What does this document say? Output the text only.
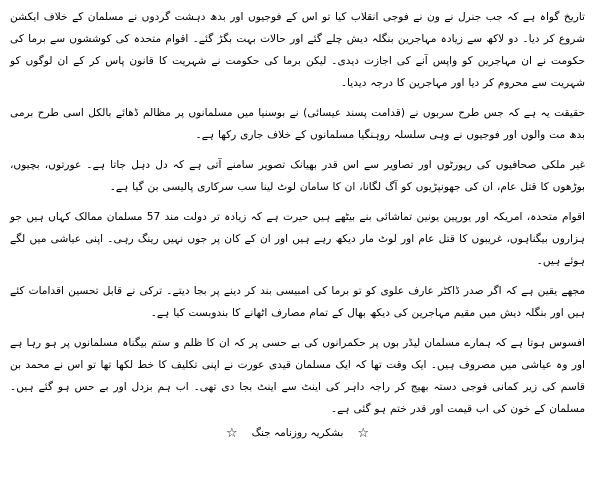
تاریخ گواہ ہے کہ جب جنرل نے ون نے فوجی انقلاب کیا تو اس کے فوجیوں اور بدھ دہشت گردوں نے مسلمان کے خلاف ایکشن شروع کر دیا۔ دو لاکھ سے زیادہ مہاجرین بنگلہ دیش چلے گئے اور حالات بہت بگڑ گئے۔ اقوام متحدہ کی کوششوں سے برما کی حکومت نے ان مہاجرین کو واپس آنے کی اجازت دیدی۔ لیکن برما کی حکومت نے شہریت کا قانون پاس کر کے ان لوگوں کو شہریت سے محروم کر دیا اور مہاجرین کا درجہ دیدیا۔

حقیقت یہ ہے کہ جس طرح سربوں نے (قدامت پسند عیسائی) نے بوسنیا میں مسلمانوں پر مظالم ڈھائے بالکل اسی طرح برمی بدھ مت والوں اور فوجیوں نے وہی سلسلہ روہنگیا مسلمانوں کے خلاف جاری رکھا ہے۔

غیر ملکی صحافیوں کی رپورٹوں اور تصاویر سے اس قدر بھیانک تصویر سامنے آتی ہے کہ دل دہل جاتا ہے۔ عورتوں، بچیوں، بوڑھوں کا قتل عام، ان کی جھونپڑیوں کو آگ لگانا، ان کا سامان لوٹ لینا سب سرکاری پالیسی بن گیا ہے۔

اقوام متحدہ، امریکہ اور یورپین یونین تماشائی بنے بیٹھے ہیں حیرت ہے کہ زیادہ تر دولت مند 57 مسلمان ممالک کہاں ہیں جو ہزاروں بیگناہوں، غریبوں کا قتل عام اور لوٹ مار دیکھ رہے ہیں اور ان کے کان پر جوں نہیں رینگ رہی۔ اپنی عیاشی میں لگے ہوئے ہیں۔

مجھے یقین ہے کہ اگر صدر ڈاکٹر عارف علوی کو تو برما کی امبیسی بند کر دینے پر بجا دیتے۔ ترکی نے قابل تحسین اقدامات کئے ہیں اور بنگلہ دیش میں مقیم مہاجرین کی دیکھ بھال کے تمام مصارف اٹھانے کا بندوبست کیا ہے۔

افسوس ہوتا ہے کہ ہمارے مسلمان لیڈر بوں پر حکمرانوں کی بے حسی پر کہ ان کا ظلم و ستم بیگناہ مسلمانوں پر ہو رہا ہے اور وہ عیاشی میں مصروف ہیں۔ ایک وقت تھا کہ ایک مسلمان قیدی عورت نے اپنی تکلیف کا خط لکھا تھا تو اس نے محمد بن قاسم کی زیر کمانی فوجی دستہ بھیج کر راجہ داہر کی اینٹ سے اینٹ بجا دی تھی۔ اب ہم بزدل اور بے حس ہو گئے ہیں۔ مسلمان کے خون کی اب قیمت اور قدر ختم ہو گئی ہے۔

☆
بشکریہ روزنامہ جنگ
☆
